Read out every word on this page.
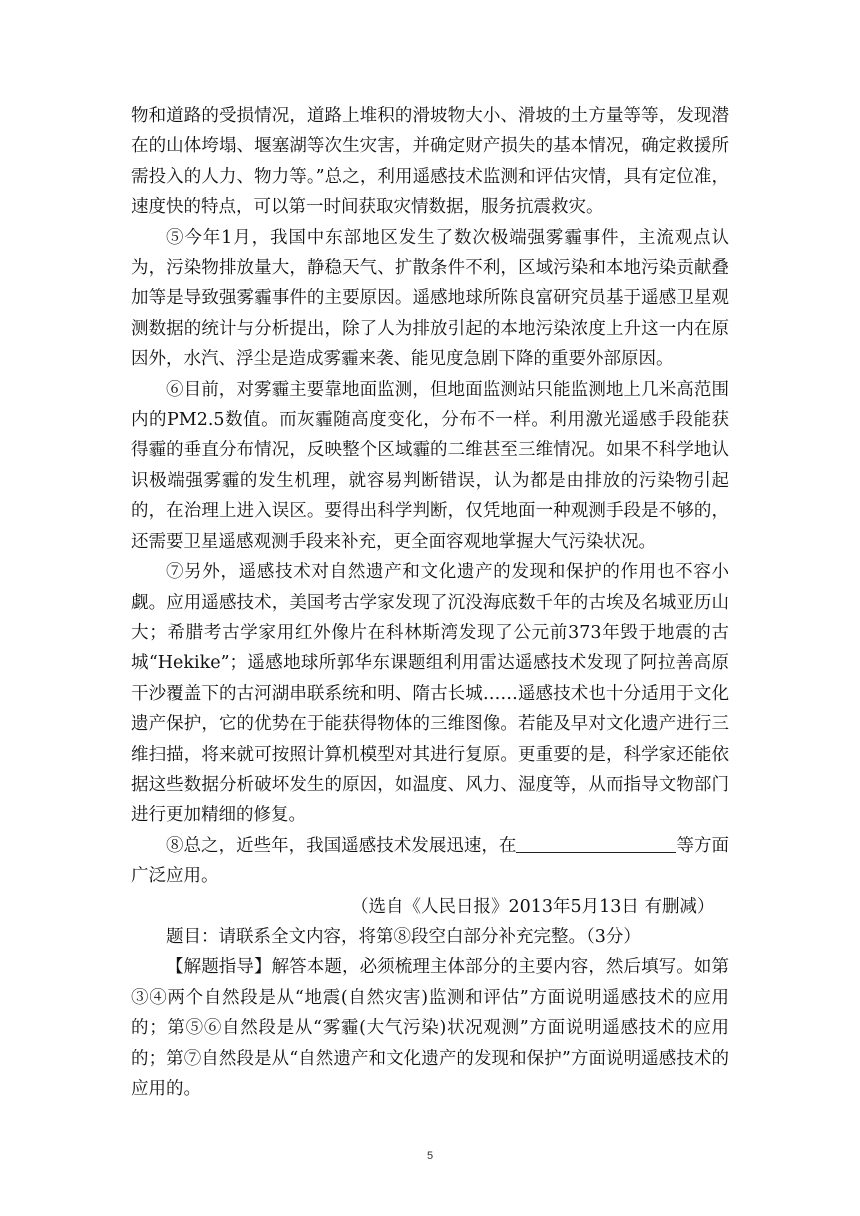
物和道路的受损情况，道路上堆积的滑坡物大小、滑坡的土方量等等，发现潜在的山体垮塌、堰塞湖等次生灾害，并确定财产损失的基本情况，确定救援所需投入的人力、物力等。”总之，利用遥感技术监测和评估灾情，具有定位准，速度快的特点，可以第一时间获取灾情数据，服务抗震救灾。

⑤今年1月，我国中东部地区发生了数次极端强雾霾事件，主流观点认为，污染物排放量大，静稳天气、扩散条件不利，区域污染和本地污染贡献叠加等是导致强雾霾事件的主要原因。遥感地球所陈良富研究员基于遥感卫星观测数据的统计与分析提出，除了人为排放引起的本地污染浓度上升这一内在原因外，水汽、浮尘是造成雾霾来袭、能见度急剧下降的重要外部原因。

⑥目前，对雾霾主要靠地面监测，但地面监测站只能监测地上几米高范围内的PM2.5数值。而灰霾随高度变化，分布不一样。利用激光遥感手段能获得霾的垂直分布情况，反映整个区域霾的二维甚至三维情况。如果不科学地认识极端强雾霾的发生机理，就容易判断错误，认为都是由排放的污染物引起的，在治理上进入误区。要得出科学判断，仅凭地面一种观测手段是不够的，还需要卫星遥感观测手段来补充，更全面容观地掌握大气污染状况。

⑦另外，遥感技术对自然遗产和文化遗产的发现和保护的作用也不容小觑。应用遥感技术，美国考古学家发现了沉没海底数千年的古埃及名城亚历山大；希腊考古学家用红外像片在科林斯湾发现了公元前373年毁于地震的古城“Hekike”；遥感地球所郭华东课题组利用雷达遥感技术发现了阿拉善高原干沙覆盖下的古河湖串联系统和明、隋古长城……遥感技术也十分适用于文化遗产保护，它的优势在于能获得物体的三维图像。若能及早对文化遗产进行三维扫描，将来就可按照计算机模型对其进行复原。更重要的是，科学家还能依据这些数据分析破坏发生的原因，如温度、风力、湿度等，从而指导文物部门进行更加精细的修复。

⑧总之，近些年，我国遥感技术发展迅速，在	等方面广泛应用。

（选自《人民日报》2013年5月13日 有删减）

题目：请联系全文内容，将第⑧段空白部分补充完整。（3分）

【解题指导】解答本题，必须梳理主体部分的主要内容，然后填写。如第③④两个自然段是从“地震(自然灾害)监测和评估”方面说明遥感技术的应用的；第⑤⑥自然段是从“雾霾(大气污染)状况观测”方面说明遥感技术的应用的；第⑦自然段是从“自然遗产和文化遗产的发现和保护”方面说明遥感技术的应用的。

5
